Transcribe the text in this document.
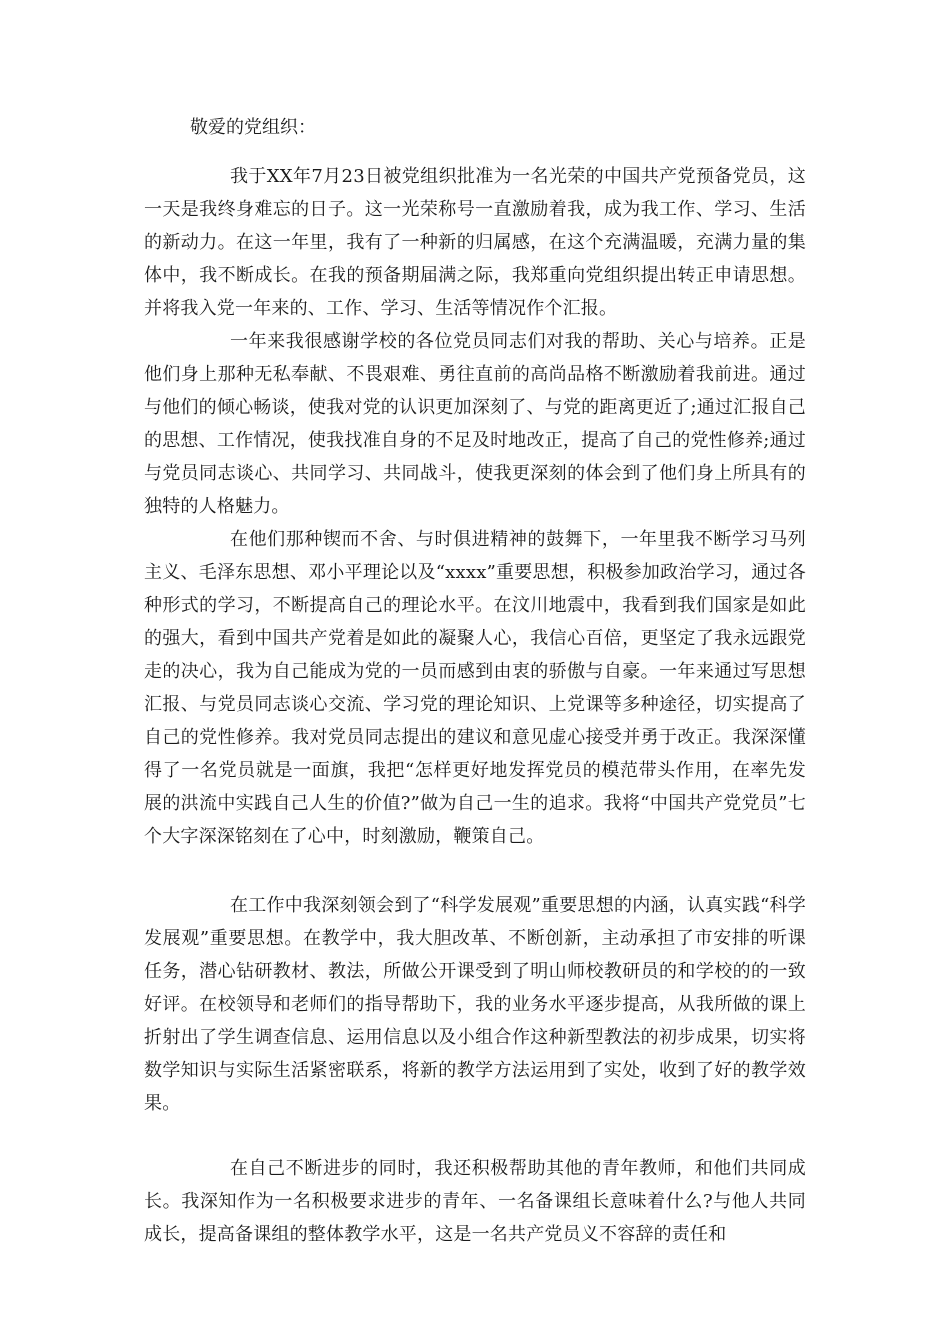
敬爱的党组织：

我于XX年7月23日被党组织批准为一名光荣的中国共产党预备党员，这一天是我终身难忘的日子。这一光荣称号一直激励着我，成为我工作、学习、生活的新动力。在这一年里，我有了一种新的归属感，在这个充满温暖，充满力量的集体中，我不断成长。在我的预备期届满之际，我郑重向党组织提出转正申请思想。并将我入党一年来的、工作、学习、生活等情况作个汇报。

一年来我很感谢学校的各位党员同志们对我的帮助、关心与培养。正是他们身上那种无私奉献、不畏艰难、勇往直前的高尚品格不断激励着我前进。通过与他们的倾心畅谈，使我对党的认识更加深刻了、与党的距离更近了;通过汇报自己的思想、工作情况，使我找准自身的不足及时地改正，提高了自己的党性修养;通过与党员同志谈心、共同学习、共同战斗，使我更深刻的体会到了他们身上所具有的独特的人格魅力。

在他们那种锲而不舍、与时俱进精神的鼓舞下，一年里我不断学习马列主义、毛泽东思想、邓小平理论以及“xxxx”重要思想，积极参加政治学习，通过各种形式的学习，不断提高自己的理论水平。在汶川地震中，我看到我们国家是如此的强大，看到中国共产党着是如此的凝聚人心，我信心百倍，更坚定了我永远跟党走的决心，我为自己能成为党的一员而感到由衷的骄傲与自豪。一年来通过写思想汇报、与党员同志谈心交流、学习党的理论知识、上党课等多种途径，切实提高了自己的党性修养。我对党员同志提出的建议和意见虚心接受并勇于改正。我深深懂得了一名党员就是一面旗，我把“怎样更好地发挥党员的模范带头作用，在率先发展的洪流中实践自己人生的价值?”做为自己一生的追求。我将“中国共产党党员”七个大字深深铭刻在了心中，时刻激励，鞭策自己。

在工作中我深刻领会到了“科学发展观”重要思想的内涵，认真实践“科学发展观”重要思想。在教学中，我大胆改革、不断创新，主动承担了市安排的听课任务，潜心钻研教材、教法，所做公开课受到了明山师校教研员的和学校的的一致好评。在校领导和老师们的指导帮助下，我的业务水平逐步提高，从我所做的课上折射出了学生调查信息、运用信息以及小组合作这种新型教法的初步成果，切实将数学知识与实际生活紧密联系，将新的教学方法运用到了实处，收到了好的教学效果。

在自己不断进步的同时，我还积极帮助其他的青年教师，和他们共同成长。我深知作为一名积极要求进步的青年、一名备课组长意味着什么?与他人共同成长，提高备课组的整体教学水平，这是一名共产党员义不容辞的责任和
